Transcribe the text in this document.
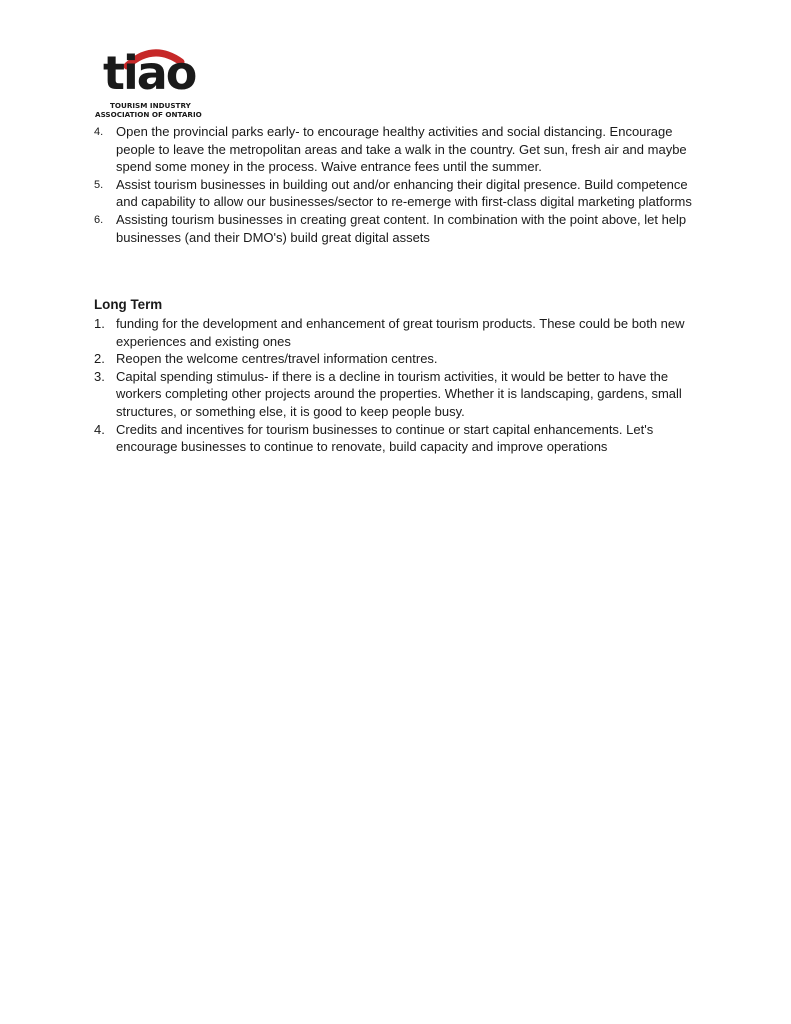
tiao
TOURISM INDUSTRY
ASSOCIATION OF ONTARIO
4. Open the provincial parks early- to encourage healthy activities and social distancing. Encourage people to leave the metropolitan areas and take a walk in the country. Get sun, fresh air and maybe spend some money in the process. Waive entrance fees until the summer.
5. Assist tourism businesses in building out and/or enhancing their digital presence. Build competence and capability to allow our businesses/sector to re-emerge with first-class digital marketing platforms
6. Assisting tourism businesses in creating great content. In combination with the point above, let help businesses (and their DMO's) build great digital assets
Long Term
1. funding for the development and enhancement of great tourism products. These could be both new experiences and existing ones
2. Reopen the welcome centres/travel information centres.
3. Capital spending stimulus- if there is a decline in tourism activities, it would be better to have the workers completing other projects around the properties. Whether it is landscaping, gardens, small structures, or something else, it is good to keep people busy.
4. Credits and incentives for tourism businesses to continue or start capital enhancements. Let's encourage businesses to continue to renovate, build capacity and improve operations
